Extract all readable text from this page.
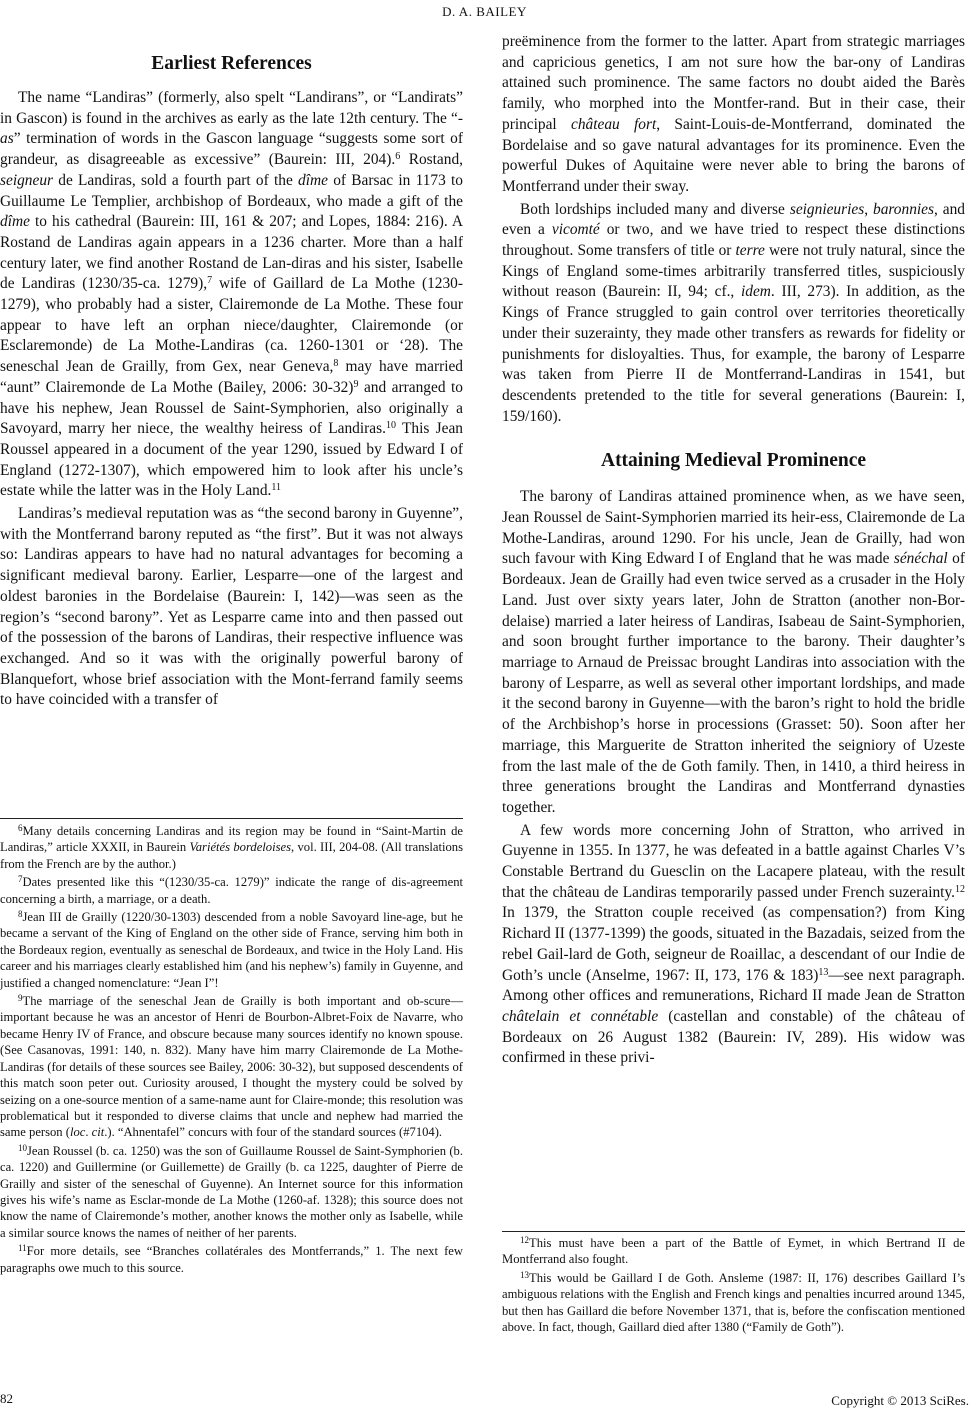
D. A. BAILEY
Earliest References

The name “Landiras” (formerly, also spelt “Landirans”, or “Landirats” in Gascon) is found in the archives as early as the late 12th century. The “-as” termination of words in the Gascon language “suggests some sort of grandeur, as disagreeable as excessive” (Baurein: III, 204).$^6$ Rostand, seigneur de Landiras, sold a fourth part of the dîme of Barsac in 1173 to Guillaume Le Templier, archbishop of Bordeaux, who made a gift of the dîme to his cathedral (Baurein: III, 161 & 207; and Lopes, 1884: 216). A Rostand de Landiras again appears in a 1236 charter. More than a half century later, we find another Rostand de Lan-diras and his sister, Isabelle de Landiras (1230/35-ca. 1279),$^7$ wife of Gaillard de La Mothe (1230-1279), who probably had a sister, Clairemonde de La Mothe. These four appear to have left an orphan niece/daughter, Clairemonde (or Esclaremonde) de La Mothe-Landiras (ca. 1260-1301 or ‘28). The seneschal Jean de Grailly, from Gex, near Geneva,$^8$ may have married “aunt” Clairemonde de La Mothe (Bailey, 2006: 30-32)$^9$ and arranged to have his nephew, Jean Roussel de Saint-Symphorien, also originally a Savoyard, marry her niece, the wealthy heiress of Landiras.$^{10}$ This Jean Roussel appeared in a document of the year 1290, issued by Edward I of England (1272-1307), which empowered him to look after his uncle’s estate while the latter was in the Holy Land.$^{11}$

Landiras’s medieval reputation was as “the second barony in Guyenne”, with the Montferrand barony reputed as “the first”. But it was not always so: Landiras appears to have had no natural advantages for becoming a significant medieval barony. Earlier, Lesparre—one of the largest and oldest baronies in the Bordelaise (Baurein: I, 142)—was seen as the region’s “second barony”. Yet as Lesparre came into and then passed out of the possession of the barons of Landiras, their respective influence was exchanged. And so it was with the originally powerful barony of Blanquefort, whose brief association with the Mont-ferrand family seems to have coincided with a transfer of

$^6$Many details concerning Landiras and its region may be found in “Saint-Martin de Landiras,” article XXXII, in Baurein Variétés bordeloises, vol. III, 204-08. (All translations from the French are by the author.)

$^7$Dates presented like this “(1230/35-ca. 1279)” indicate the range of dis-agreement concerning a birth, a marriage, or a death.

$^8$Jean III de Grailly (1220/30-1303) descended from a noble Savoyard line-age, but he became a servant of the King of England on the other side of France, serving him both in the Bordeaux region, eventually as seneschal de Bordeaux, and twice in the Holy Land. His career and his marriages clearly established him (and his nephew’s) family in Guyenne, and justified a changed nomenclature: “Jean I”!

$^9$The marriage of the seneschal Jean de Grailly is both important and ob-scure—important because he was an ancestor of Henri de Bourbon-Albret-Foix de Navarre, who became Henry IV of France, and obscure because many sources identify no known spouse. (See Casanovas, 1991: 140, n. 832). Many have him marry Clairemonde de La Mothe-Landiras (for details of these sources see Bailey, 2006: 30-32), but supposed descendents of this match soon peter out. Curiosity aroused, I thought the mystery could be solved by seizing on a one-source mention of a same-name aunt for Claire-monde; this resolution was problematical but it responded to diverse claims that uncle and nephew had married the same person (loc. cit.). “Ahnentafel” concurs with four of the standard sources (#7104).

$^{10}$Jean Roussel (b. ca. 1250) was the son of Guillaume Roussel de Saint-Symphorien (b. ca. 1220) and Guillermine (or Guillemette) de Grailly (b. ca 1225, daughter of Pierre de Grailly and sister of the seneschal of Guyenne). An Internet source for this information gives his wife’s name as Esclar-monde de La Mothe (1260-af. 1328); this source does not know the name of Clairemonde’s mother, another knows the mother only as Isabelle, while a similar source knows the names of neither of her parents.

$^{11}$For more details, see “Branches collatérales des Montferrands,” 1. The next few paragraphs owe much to this source.

preëminence from the former to the latter. Apart from strategic marriages and capricious genetics, I am not sure how the bar-ony of Landiras attained such prominence. The same factors no doubt aided the Barès family, who morphed into the Montfer-rand. But in their case, their principal château fort, Saint-Louis-de-Montferrand, dominated the Bordelaise and so gave natural advantages for its prominence. Even the powerful Dukes of Aquitaine were never able to bring the barons of Montferrand under their sway.

Both lordships included many and diverse seignieuries, baronnies, and even a vicomté or two, and we have tried to respect these distinctions throughout. Some transfers of title or terre were not truly natural, since the Kings of England some-times arbitrarily transferred titles, suspiciously without reason (Baurein: II, 94; cf., idem. III, 273). In addition, as the Kings of France struggled to gain control over territories theoretically under their suzerainty, they made other transfers as rewards for fidelity or punishments for disloyalties. Thus, for example, the barony of Lesparre was taken from Pierre II de Montferrand-Landiras in 1541, but descendents pretended to the title for several generations (Baurein: I, 159/160).

Attaining Medieval Prominence

The barony of Landiras attained prominence when, as we have seen, Jean Roussel de Saint-Symphorien married its heir-ess, Clairemonde de La Mothe-Landiras, around 1290. For his uncle, Jean de Grailly, had won such favour with King Edward I of England that he was made sénéchal of Bordeaux. Jean de Grailly had even twice served as a crusader in the Holy Land. Just over sixty years later, John de Stratton (another non-Bor-delaise) married a later heiress of Landiras, Isabeau de Saint-Symphorien, and soon brought further importance to the barony. Their daughter’s marriage to Arnaud de Preissac brought Landiras into association with the barony of Lesparre, as well as several other important lordships, and made it the second barony in Guyenne—with the baron’s right to hold the bridle of the Archbishop’s horse in processions (Grasset: 50). Soon after her marriage, this Marguerite de Stratton inherited the seigniory of Uzeste from the last male of the de Goth family. Then, in 1410, a third heiress in three generations brought the Landiras and Montferrand dynasties together.

A few words more concerning John of Stratton, who arrived in Guyenne in 1355. In 1377, he was defeated in a battle against Charles V’s Constable Bertrand du Guesclin on the Lacapere plateau, with the result that the château de Landiras temporarily passed under French suzerainty.$^{12}$ In 1379, the Stratton couple received (as compensation?) from King Richard II (1377-1399) the goods, situated in the Bazadais, seized from the rebel Gail-lard de Goth, seigneur de Roaillac, a descendant of our Indie de Goth’s uncle (Anselme, 1967: II, 173, 176 & 183)$^{13}$—see next paragraph. Among other offices and remunerations, Richard II made Jean de Stratton châtelain et connétable (castellan and constable) of the château of Bordeaux on 26 August 1382 (Baurein: IV, 289). His widow was confirmed in these privi-

$^{12}$This must have been a part of the Battle of Eymet, in which Bertrand II de Montferrand also fought.

$^{13}$This would be Gaillard I de Goth. Ansleme (1987: II, 176) describes Gaillard I’s ambiguous relations with the English and French kings and penalties incurred around 1345, but then has Gaillard die before November 1371, that is, before the confiscation mentioned above. In fact, though, Gaillard died after 1380 (“Family de Goth”).

82	Copyright © 2013 SciRes.
